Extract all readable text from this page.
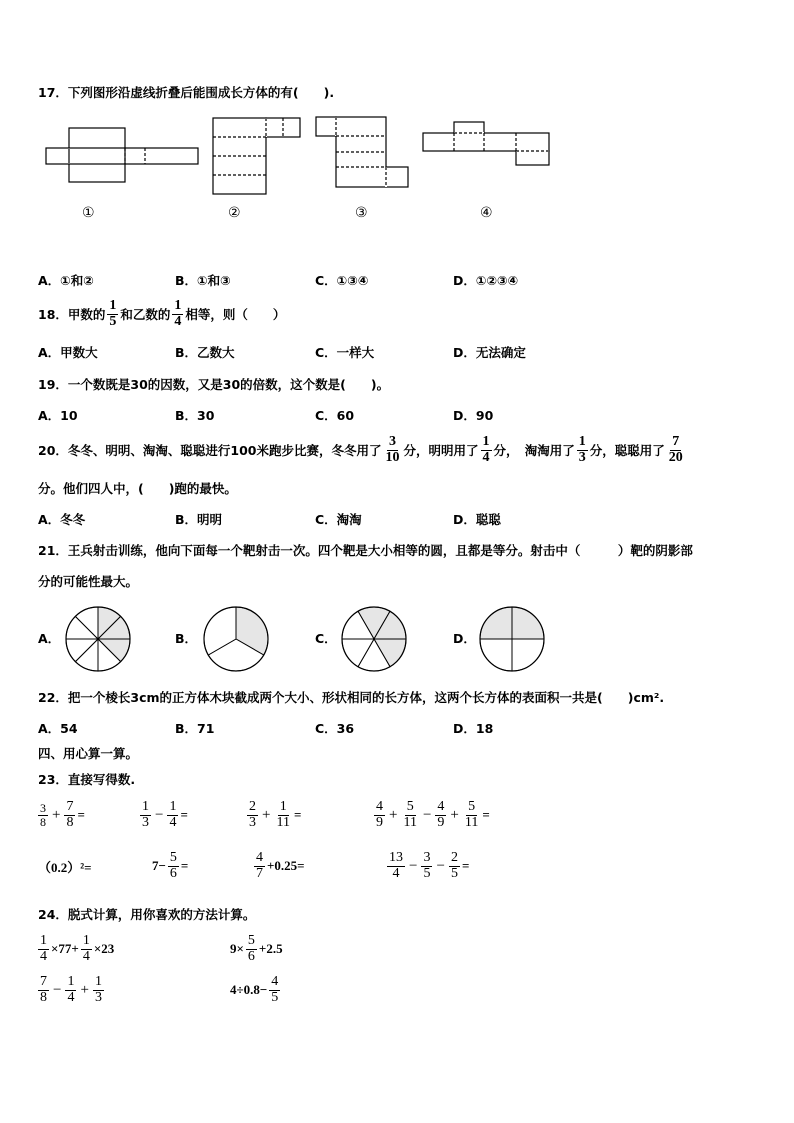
17．下列图形沿虚线折叠后能围成长方体的有(　　).
①	②	③	④
A．①和②	B．①和③	C．①③④	D．①②③④
18．甲数的 $\frac{1}{5}$ 和乙数的 $\frac{1}{4}$ 相等，则（　　）
A．甲数大	B．乙数大	C．一样大	D．无法确定
19．一个数既是30的因数，又是30的倍数，这个数是(　　)。
A．10	B．30	C．60	D．90
20．冬冬、明明、淘淘、聪聪进行100米跑步比赛，冬冬用了 $\frac{3}{10}$ 分，明明用了 $\frac{1}{4}$ 分，　淘淘用了 $\frac{1}{3}$ 分，聪聪用了 $\frac{7}{20}$
分。他们四人中，(　　)跑的最快。
A．冬冬	B．明明	C．淘淘	D．聪聪
21．王兵射击训练，他向下面每一个靶射击一次。四个靶是大小相等的圆，且都是等分。射击中（　　　）靶的阴影部
分的可能性最大。
A．	B．	C．	D．
22．把一个棱长3cm的正方体木块截成两个大小、形状相同的长方体，这两个长方体的表面积一共是(　　)cm².
A．54	B．71	C．36	D．18
四、用心算一算。
23．直接写得数.
$\frac{3}{8} + \frac{7}{8}$ =	$\frac{1}{3} - \frac{1}{4}$ =	$\frac{2}{3} + \frac{1}{11}$ =	$\frac{4}{9} + \frac{5}{11} - \frac{4}{9} + \frac{5}{11}$ =
（0.2）²=	$7- \frac{5}{6}$ =	$\frac{4}{7} +0.25=$	$\frac{13}{4} - \frac{3}{5} - \frac{2}{5}$ =
24．脱式计算，用你喜欢的方法计算。
$\frac{1}{4} \times 77+ \frac{1}{4} \times 23$	$9\times \frac{5}{6} +2.5$
$\frac{7}{8} - \frac{1}{4} + \frac{1}{3}$	$4\div 0.8- \frac{4}{5}$
